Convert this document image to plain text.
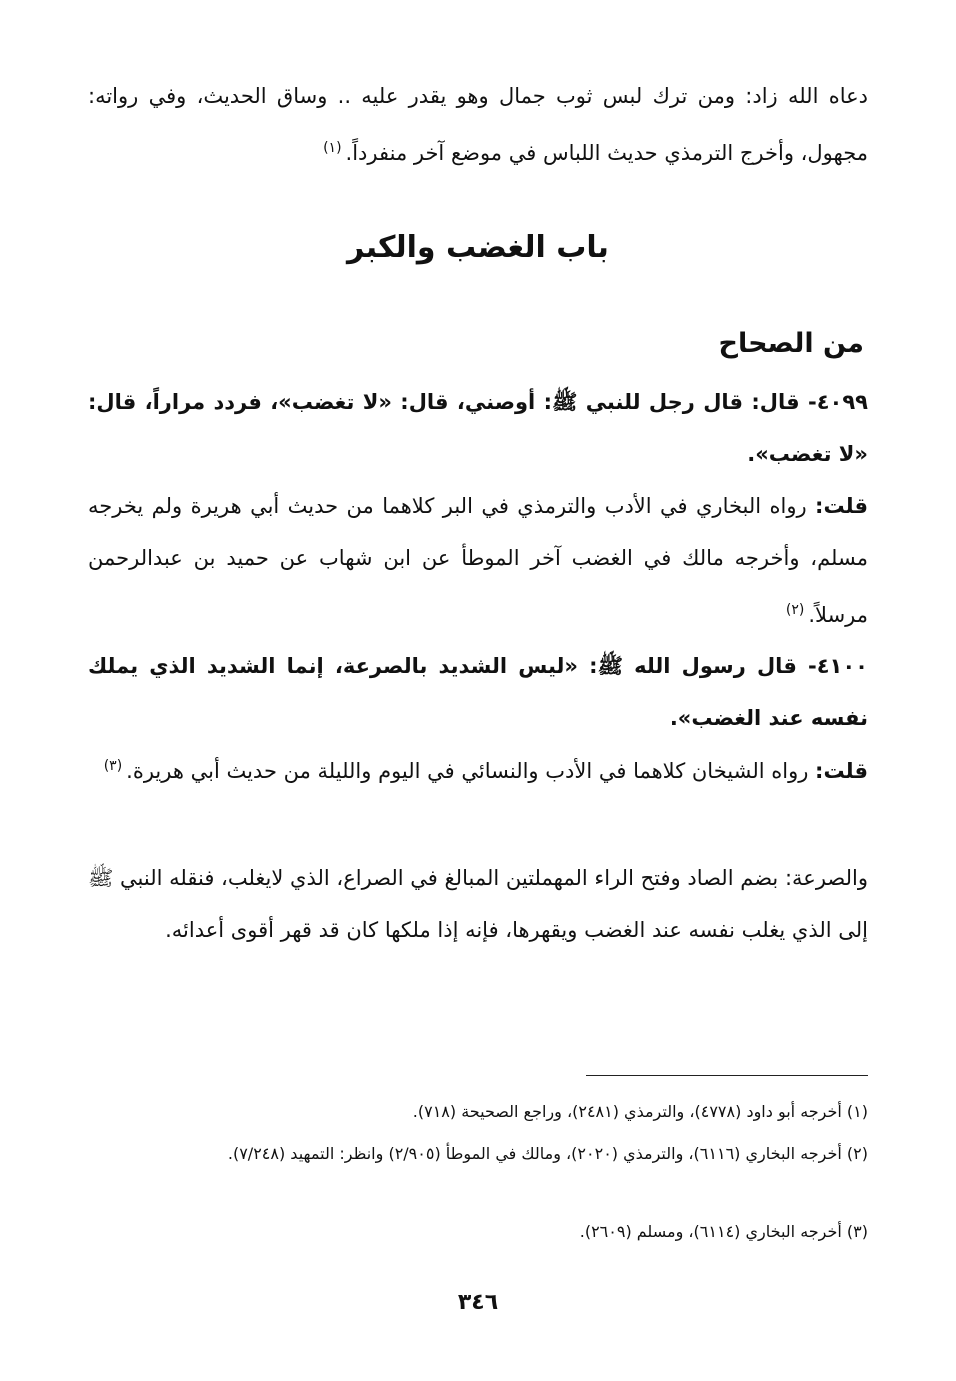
دعاه الله زاد: ومن ترك لبس ثوب جمال وهو يقدر عليه .. وساق الحديث، وفي رواته: مجهول، وأخرج الترمذي حديث اللباس في موضع آخر منفرداً.$^{(١)}$
باب الغضب والكبر
من الصحاح
٤٠٩٩- قال: قال رجل للنبي ﷺ: أوصني، قال: «لا تغضب»، فردد مراراً، قال: «لا تغضب».
قلت: رواه البخاري في الأدب والترمذي في البر كلاهما من حديث أبي هريرة ولم يخرجه مسلم، وأخرجه مالك في الغضب آخر الموطأ عن ابن شهاب عن حميد بن عبدالرحمن مرسلاً.$^{(٢)}$
٤١٠٠- قال رسول الله ﷺ: «ليس الشديد بالصرعة، إنما الشديد الذي يملك نفسه عند الغضب».
قلت: رواه الشيخان كلاهما في الأدب والنسائي في اليوم والليلة من حديث أبي هريرة.$^{(٣)}$
والصرعة: بضم الصاد وفتح الراء المهملتين المبالغ في الصراع، الذي لايغلب، فنقله النبي ﷺ إلى الذي يغلب نفسه عند الغضب ويقهرها، فإنه إذا ملكها كان قد قهر أقوى أعدائه.
(١) أخرجه أبو داود (٤٧٧٨)، والترمذي (٢٤٨١)، وراجع الصحيحة (٧١٨).
(٢) أخرجه البخاري (٦١١٦)، والترمذي (٢٠٢٠)، ومالك في الموطأ (٢/٩٠٥) وانظر: التمهيد (٧/٢٤٨).
(٣) أخرجه البخاري (٦١١٤)، ومسلم (٢٦٠٩).
٣٤٦
